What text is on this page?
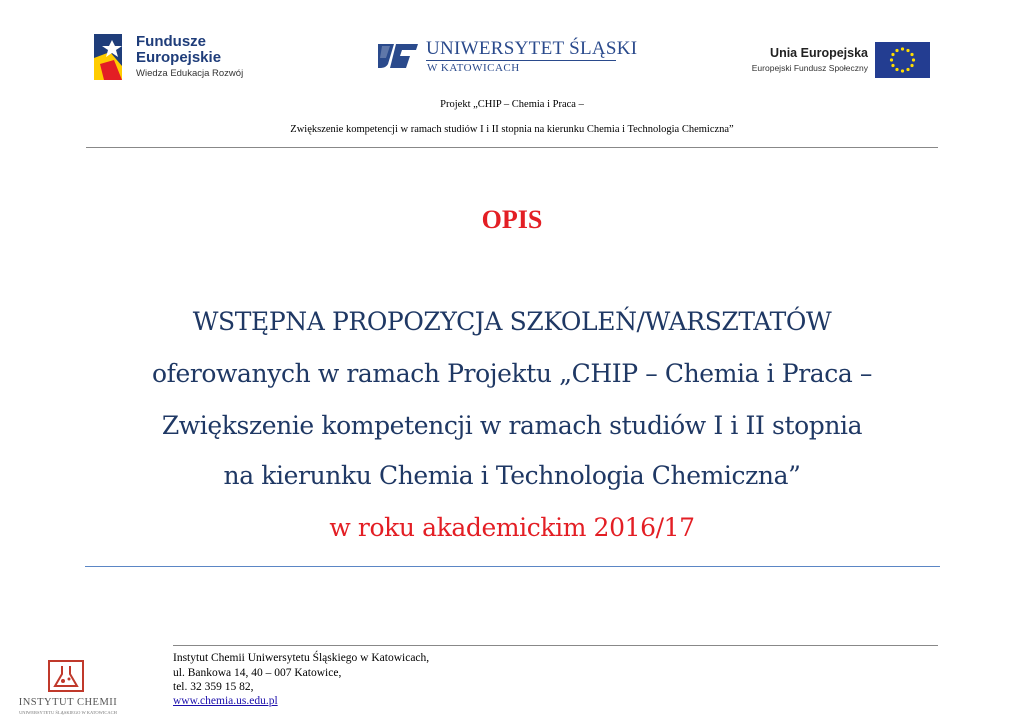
Fundusze
Europejskie
Wiedza Edukacja Rozwój
UNIWERSYTET ŚLĄSKI
W KATOWICACH
Unia Europejska
Europejski Fundusz Społeczny
Projekt „CHIP – Chemia i Praca –
Zwiększenie kompetencji w ramach studiów I i II stopnia na kierunku Chemia i Technologia Chemiczna”
OPIS
WSTĘPNA PROPOZYCJA SZKOLEŃ/WARSZTATÓW
oferowanych w ramach Projektu „CHIP – Chemia i Praca –
Zwiększenie kompetencji w ramach studiów I i II stopnia
na kierunku Chemia i Technologia Chemiczna”
w roku akademickim 2016/17
INSTYTUT CHEMII
UNIWERSYTETU ŚLĄSKIEGO W KATOWICACH
Instytut Chemii Uniwersytetu Śląskiego w Katowicach,
ul. Bankowa 14, 40 – 007 Katowice,
tel. 32 359 15 82,
www.chemia.us.edu.pl
